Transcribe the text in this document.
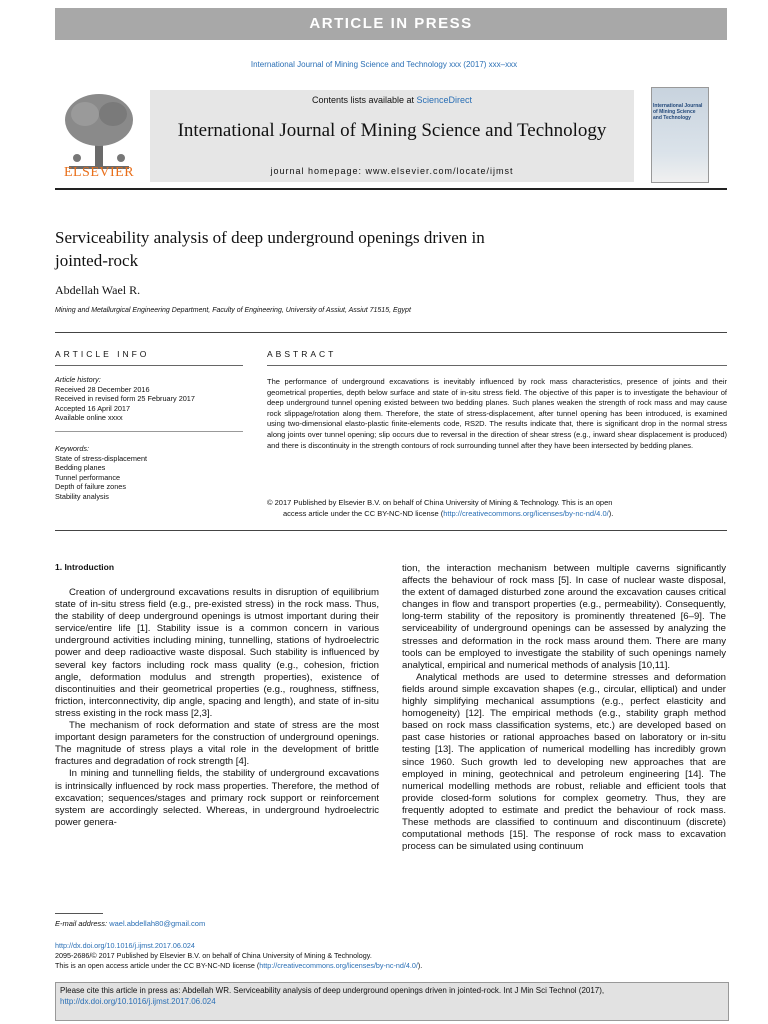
ARTICLE IN PRESS
International Journal of Mining Science and Technology xxx (2017) xxx–xxx
ELSEVIER
Contents lists available at ScienceDirect
International Journal of Mining Science and Technology
journal homepage: www.elsevier.com/locate/ijmst
International Journal of Mining Science and Technology
Serviceability analysis of deep underground openings driven in
jointed-rock
Abdellah Wael R.
Mining and Metallurgical Engineering Department, Faculty of Engineering, University of Assiut, Assiut 71515, Egypt
ARTICLE INFO	ABSTRACT
Article history:
Received 28 December 2016
Received in revised form 25 February 2017
Accepted 16 April 2017
Available online xxxx
Keywords:
State of stress-displacement
Bedding planes
Tunnel performance
Depth of failure zones
Stability analysis
The performance of underground excavations is inevitably influenced by rock mass characteristics, presence of joints and their geometrical properties, depth below surface and state of in-situ stress field. The objective of this paper is to investigate the behaviour of deep underground tunnel opening existed between two bedding planes. Such planes weaken the strength of rock mass and may cause rock slippage/rotation along them. Therefore, the state of stress-displacement, after tunnel opening has been introduced, is examined using two-dimensional elasto-plastic finite-elements code, RS2D. The results indicate that, there is significant drop in the normal stress along joints over tunnel opening; slip occurs due to reversal in the direction of shear stress (e.g., inward shear displacement is produced) and there is discontinuity in the strength contours of rock surrounding tunnel after they have been intersected by bedding planes.
© 2017 Published by Elsevier B.V. on behalf of China University of Mining & Technology. This is an open
access article under the CC BY-NC-ND license (http://creativecommons.org/licenses/by-nc-nd/4.0/).
1. Introduction

Creation of underground excavations results in disruption of equilibrium state of in-situ stress field (e.g., pre-existed stress) in the rock mass. Thus, the stability of deep underground openings is utmost important during their service/entire life [1]. Stability issue is a common concern in various underground activities including mining, tunnelling, stations of hydroelectric power and deep radioactive waste disposal. Such stability is influenced by several key factors including rock mass quality (e.g., cohesion, friction angle, deformation modulus and strength properties), existence of discontinuities and their geometrical properties (e.g., roughness, stiffness, friction, interconnectivity, dip angle, spacing and length), and state of in-situ stress existing in the rock mass [2,3].

The mechanism of rock deformation and state of stress are the most important design parameters for the construction of underground openings. The magnitude of stress plays a vital role in the development of brittle fractures and degradation of rock strength [4].

In mining and tunnelling fields, the stability of underground excavations is intrinsically influenced by rock mass properties. Therefore, the method of excavation; sequences/stages and primary rock support or reinforcement system are accordingly selected. Whereas, in underground hydroelectric power genera-

tion, the interaction mechanism between multiple caverns significantly affects the behaviour of rock mass [5]. In case of nuclear waste disposal, the extent of damaged disturbed zone around the excavation causes critical changes in flow and transport properties (e.g., permeability). Consequently, long-term stability of the repository is prominently threatened [6–9]. The serviceability of underground openings can be assessed by analyzing the stresses and deformation in the rock mass around them. There are many tools can be employed to investigate the stability of such openings namely analytical, empirical and numerical methods of analysis [10,11].

Analytical methods are used to determine stresses and deformation fields around simple excavation shapes (e.g., circular, elliptical) and under highly simplifying mechanical assumptions (e.g., perfect elasticity and homogeneity) [12]. The empirical methods (e.g., stability graph method based on rock mass classification systems, etc.) are developed based on past case histories or rational approaches based on laboratory or in-situ testing [13]. The application of numerical modelling has incredibly grown since 1960. Such growth led to developing new approaches that are employed in mining, geotechnical and petroleum engineering [14]. The numerical modelling methods are robust, reliable and efficient tools that provide closed-form solutions for complex geometry. Thus, they are frequently adopted to estimate and predict the behaviour of rock mass. These methods are classified to continuum and discontinuum (discrete) computational methods [15]. The response of rock mass to excavation process can be simulated using continuum

E-mail address: wael.abdellah80@gmail.com
http://dx.doi.org/10.1016/j.ijmst.2017.06.024
2095-2686/© 2017 Published by Elsevier B.V. on behalf of China University of Mining & Technology.
This is an open access article under the CC BY-NC-ND license (http://creativecommons.org/licenses/by-nc-nd/4.0/).
Please cite this article in press as: Abdellah WR. Serviceability analysis of deep underground openings driven in jointed-rock. Int J Min Sci Technol (2017),
http://dx.doi.org/10.1016/j.ijmst.2017.06.024
